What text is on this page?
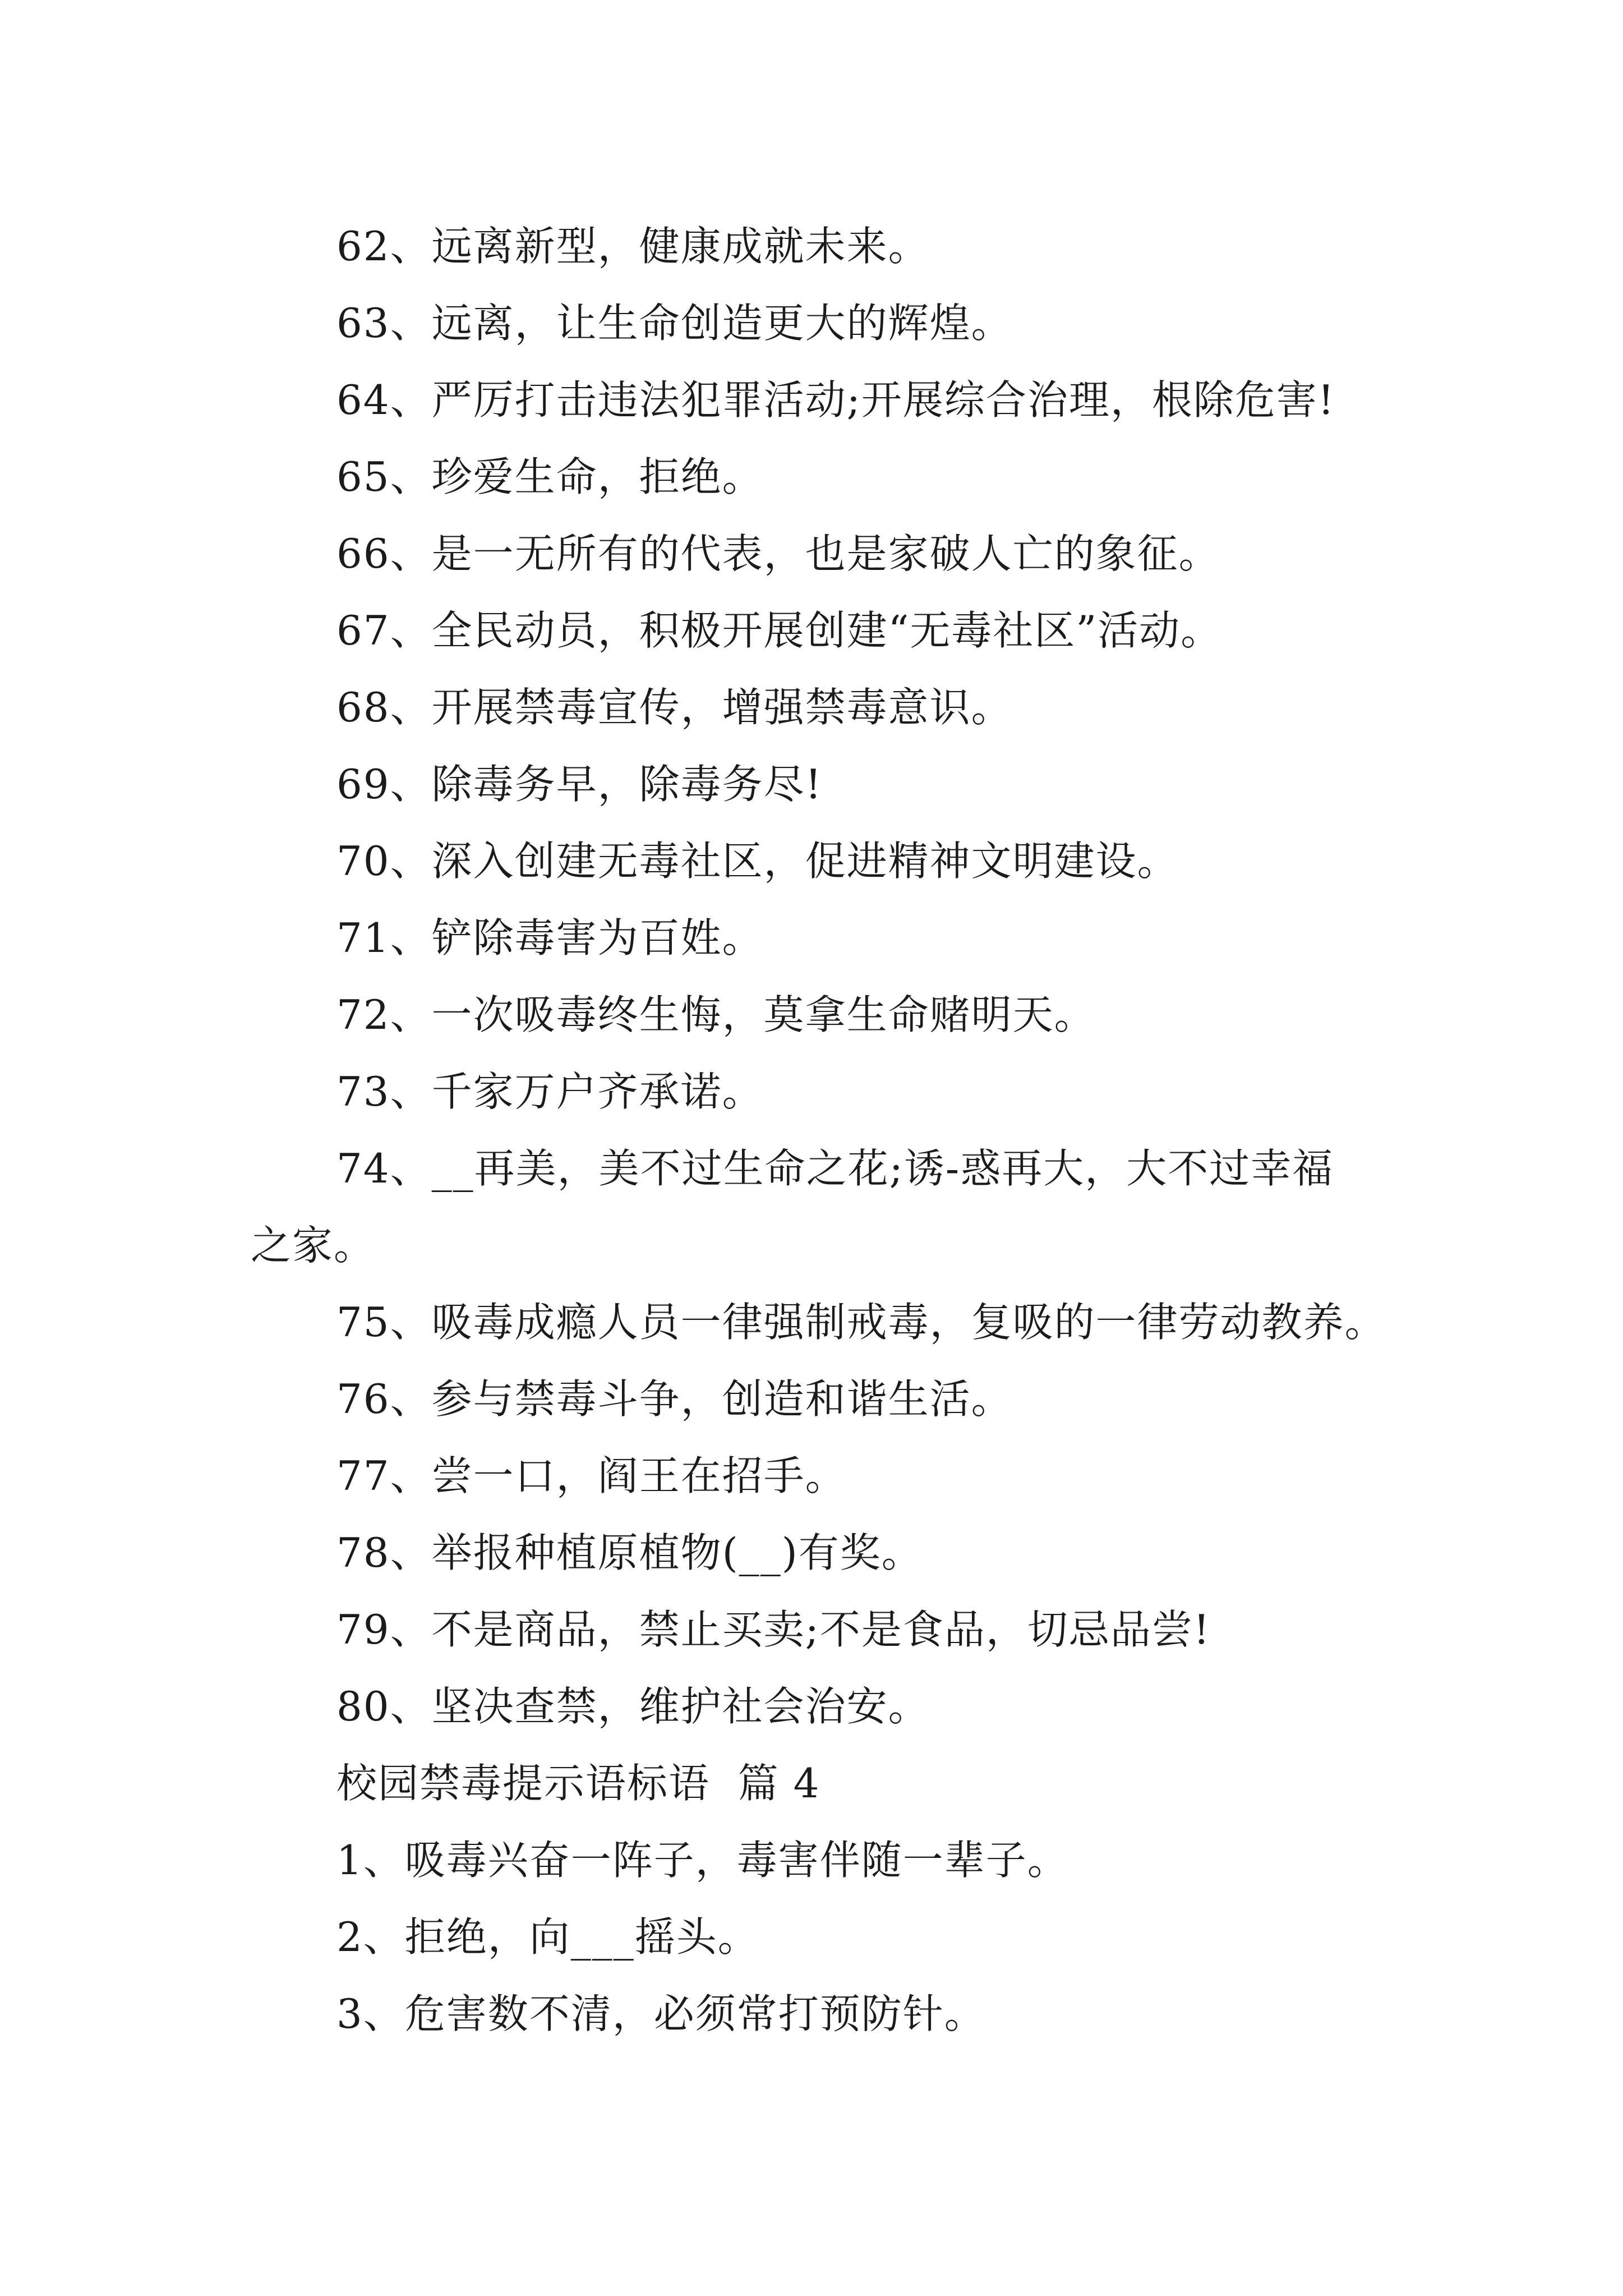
62、远离新型，健康成就未来。
63、远离，让生命创造更大的辉煌。
64、严厉打击违法犯罪活动;开展综合治理，根除危害!
65、珍爱生命，拒绝。
66、是一无所有的代表，也是家破人亡的象征。
67、全民动员，积极开展创建“无毒社区”活动。
68、开展禁毒宣传，增强禁毒意识。
69、除毒务早，除毒务尽!
70、深入创建无毒社区，促进精神文明建设。
71、铲除毒害为百姓。
72、一次吸毒终生悔，莫拿生命赌明天。
73、千家万户齐承诺。
74、__再美，美不过生命之花;诱-惑再大，大不过幸福
之家。
75、吸毒成瘾人员一律强制戒毒，复吸的一律劳动教养。
76、参与禁毒斗争，创造和谐生活。
77、尝一口，阎王在招手。
78、举报种植原植物(__)有奖。
79、不是商品，禁止买卖;不是食品，切忌品尝!
80、坚决查禁，维护社会治安。
校园禁毒提示语标语  篇 4
1、吸毒兴奋一阵子，毒害伴随一辈子。
2、拒绝，向___摇头。
3、危害数不清，必须常打预防针。
